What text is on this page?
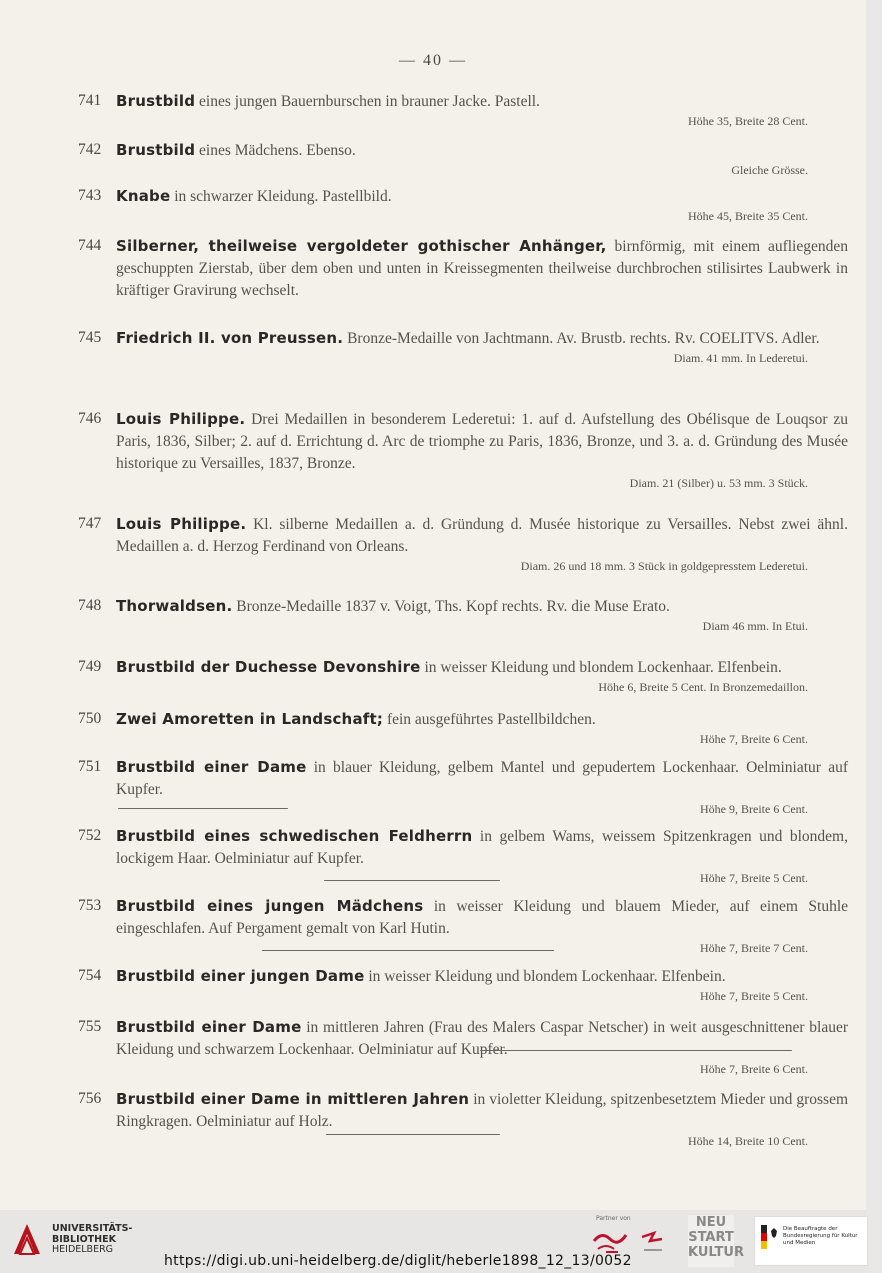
— 40 —
741 Brustbild eines jungen Bauernburschen in brauner Jacke. Pastell.
Höhe 35, Breite 28 Cent.
742 Brustbild eines Mädchens. Ebenso.
Gleiche Grösse.
743 Knabe in schwarzer Kleidung. Pastellbild.
Höhe 45, Breite 35 Cent.
744 Silberner, theilweise vergoldeter gothischer Anhänger, birnförmig, mit einem aufliegenden geschuppten Zierstab, über dem oben und unten in Kreissegmenten theilweise durchbrochen stilisirtes Laubwerk in kräftiger Gravirung wechselt.
745 Friedrich II. von Preussen. Bronze-Medaille von Jachtmann. Av. Brustb. rechts. Rv. COELITVS. Adler.
Diam. 41 mm. In Lederetui.
746 Louis Philippe. Drei Medaillen in besonderem Lederetui: 1. auf d. Aufstellung des Obélisque de Louqsor zu Paris, 1836, Silber; 2. auf d. Errichtung d. Arc de triomphe zu Paris, 1836, Bronze, und 3. a. d. Gründung des Musée historique zu Versailles, 1837, Bronze.
Diam. 21 (Silber) u. 53 mm. 3 Stück.
747 Louis Philippe. Kl. silberne Medaillen a. d. Gründung d. Musée historique zu Versailles. Nebst zwei ähnl. Medaillen a. d. Herzog Ferdinand von Orleans.
Diam. 26 und 18 mm. 3 Stück in goldgepresstem Lederetui.
748 Thorwaldsen. Bronze-Medaille 1837 v. Voigt, Ths. Kopf rechts. Rv. die Muse Erato.
Diam 46 mm. In Etui.
749 Brustbild der Duchesse Devonshire in weisser Kleidung und blondem Lockenhaar. Elfenbein.
Höhe 6, Breite 5 Cent. In Bronzemedaillon.
750 Zwei Amoretten in Landschaft; fein ausgeführtes Pastellbildchen.
Höhe 7, Breite 6 Cent.
751 Brustbild einer Dame in blauer Kleidung, gelbem Mantel und gepudertem Lockenhaar. Oelminiatur auf Kupfer.
Höhe 9, Breite 6 Cent.
752 Brustbild eines schwedischen Feldherrn in gelbem Wams, weissem Spitzenkragen und blondem, lockigem Haar. Oelminiatur auf Kupfer.
Höhe 7, Breite 5 Cent.
753 Brustbild eines jungen Mädchens in weisser Kleidung und blauem Mieder, auf einem Stuhle eingeschlafen. Auf Pergament gemalt von Karl Hutin.
Höhe 7, Breite 7 Cent.
754 Brustbild einer jungen Dame in weisser Kleidung und blondem Lockenhaar. Elfenbein.
Höhe 7, Breite 5 Cent.
755 Brustbild einer Dame in mittleren Jahren (Frau des Malers Caspar Netscher) in weit ausgeschnittener blauer Kleidung und schwarzem Lockenhaar. Oelminiatur auf Kupfer.
Höhe 7, Breite 6 Cent.
756 Brustbild einer Dame in mittleren Jahren in violetter Kleidung, spitzenbesetztem Mieder und grossem Ringkragen. Oelminiatur auf Holz.
Höhe 14, Breite 10 Cent.
UNIVERSITÄTS-
BIBLIOTHEK
HEIDELBERG
https://digi.ub.uni-heidelberg.de/diglit/heberle1898_12_13/0052
Partner von	NEU
START
KULTUR
Die Beauftragte der Bundesregierung für Kultur und Medien
